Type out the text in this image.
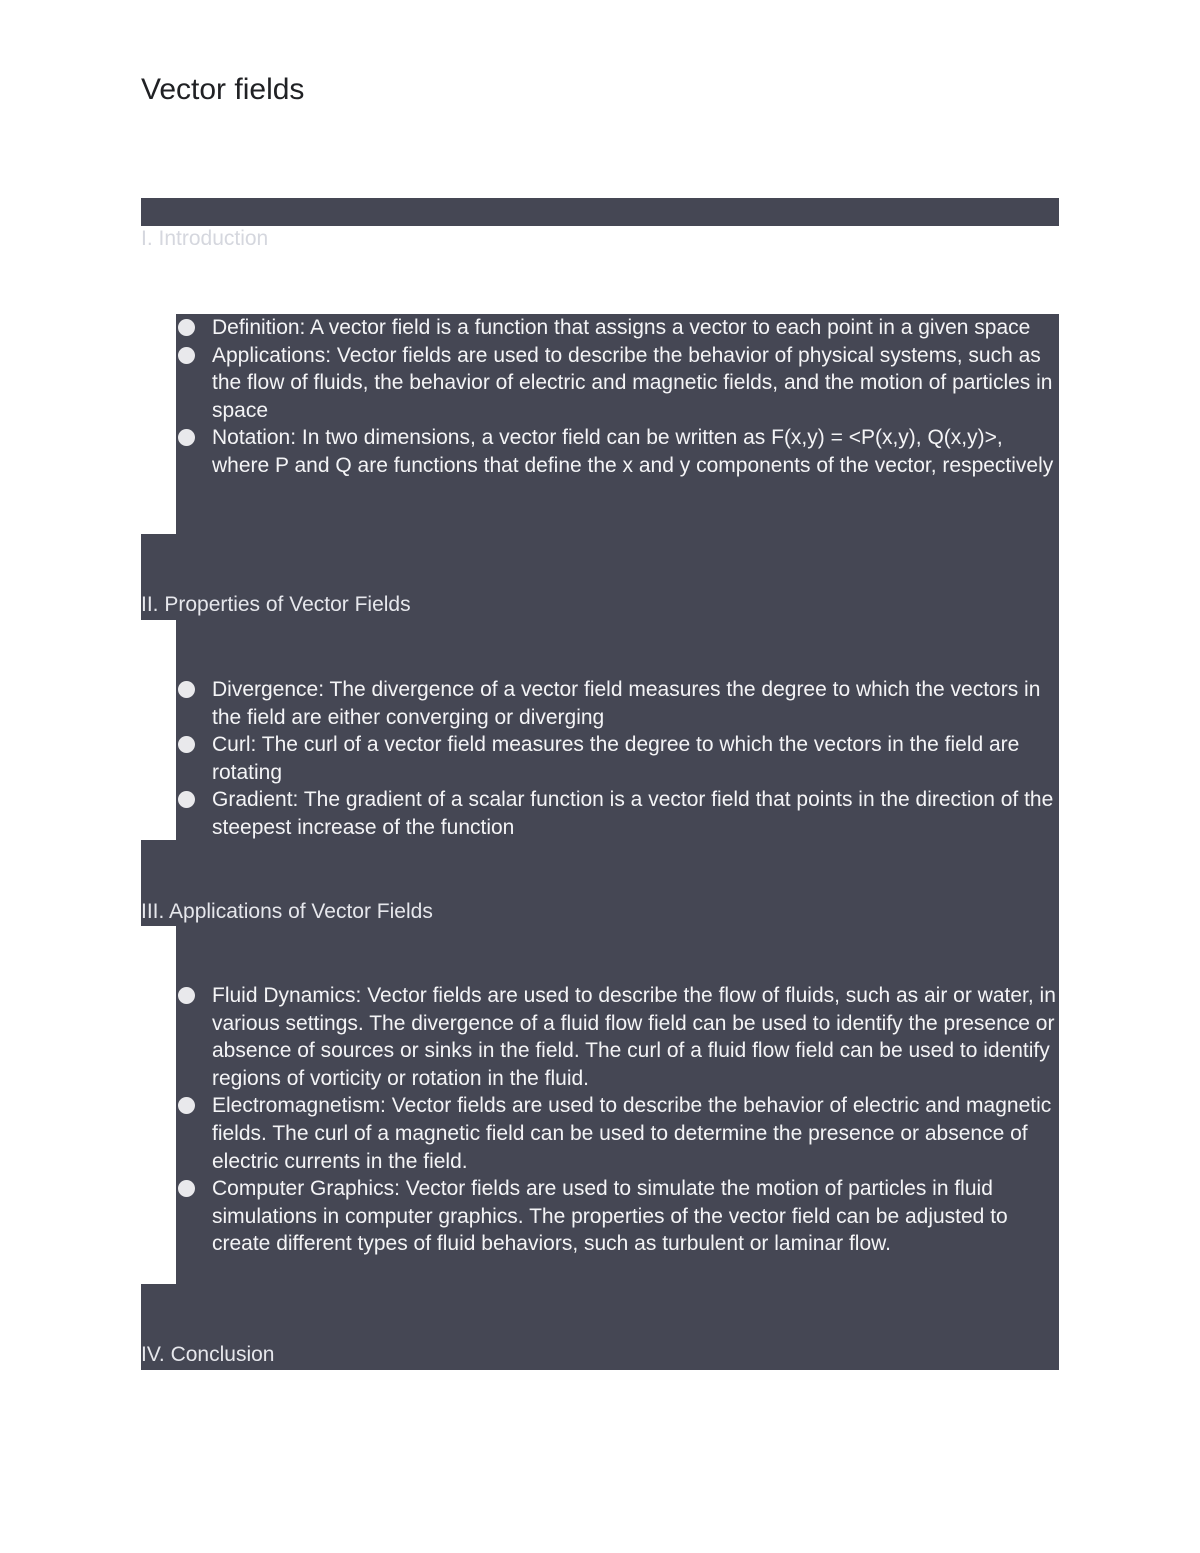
Vector fields
I. Introduction
Definition: A vector field is a function that assigns a vector to each point in a given space
Applications: Vector fields are used to describe the behavior of physical systems, such as the flow of fluids, the behavior of electric and magnetic fields, and the motion of particles in space
Notation: In two dimensions, a vector field can be written as F(x,y) = <P(x,y), Q(x,y)>, where P and Q are functions that define the x and y components of the vector, respectively
II. Properties of Vector Fields
Divergence: The divergence of a vector field measures the degree to which the vectors in the field are either converging or diverging
Curl: The curl of a vector field measures the degree to which the vectors in the field are rotating
Gradient: The gradient of a scalar function is a vector field that points in the direction of the steepest increase of the function
III. Applications of Vector Fields
Fluid Dynamics: Vector fields are used to describe the flow of fluids, such as air or water, in various settings. The divergence of a fluid flow field can be used to identify the presence or absence of sources or sinks in the field. The curl of a fluid flow field can be used to identify regions of vorticity or rotation in the fluid.
Electromagnetism: Vector fields are used to describe the behavior of electric and magnetic fields. The curl of a magnetic field can be used to determine the presence or absence of electric currents in the field.
Computer Graphics: Vector fields are used to simulate the motion of particles in fluid simulations in computer graphics. The properties of the vector field can be adjusted to create different types of fluid behaviors, such as turbulent or laminar flow.
IV. Conclusion
